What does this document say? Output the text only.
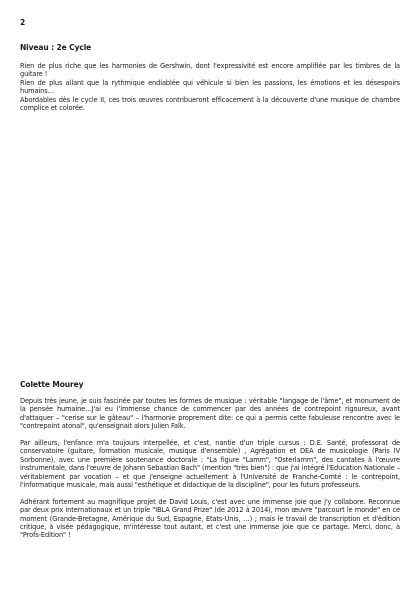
2
Niveau : 2e Cycle

Rien de plus riche que les harmonies de Gershwin, dont l'expressivité est encore amplifiée par les timbres de la guitare !

Rien de plus allant que la rythmique endiablée qui véhicule si bien les passions, les émotions et les désespoirs humains…

Abordables dès le cycle II, ces trois œuvres contribueront efficacement à la découverte d'une musique de chambre complice et colorée.

Colette Mourey

Depuis très jeune, je suis fascinée par toutes les formes de musique : véritable "langage de l'âme", et monument de la pensée humaine…J'ai eu l'immense chance de commencer par des années de contrepoint rigoureux, avant d'attaquer – "cerise sur le gâteau" – l'harmonie proprement dite: ce qui a permis cette fabuleuse rencontre avec le "contrepoint atonal", qu'enseignait alors Julien Falk.

Par ailleurs, l'enfance m'a toujours interpellée, et c'est, nantie d'un triple cursus : D.E. Santé, professorat de conservatoire (guitare, formation musicale, musique d'ensemble) , Agrégation et DEA de musicologie (Paris IV Sorbonne), avec une première soutenance doctorale : "La figure "Lamm", "Osterlamm", des cantates à l'œuvre instrumentale, dans l'œuvre de Johann Sebastian Bach" (mention "très bien") : que j'ai intégré l'Education Nationale – véritablement par vocation – et que j'enseigne actuellement à l'Université de Franche-Comté : le contrepoint, l'informatique musicale, mais aussi "esthétique et didactique de la discipline", pour les futurs professeurs.

Adhérant fortement au magnifique projet de David Louis, c'est avec une immense joie que j'y collabore. Reconnue par deux prix internationaux et un triple "IBLA Grand Prize" (de 2012 à 2014), mon œuvre "parcourt le monde" en ce moment (Grande-Bretagne, Amérique du Sud, Espagne, Etats-Unis, …) ; mais le travail de transcription et d'édition critique, à visée pédagogique, m'intéresse tout autant, et c'est une immense joie que ce partage. Merci, donc, à "Profs-Edition" !
